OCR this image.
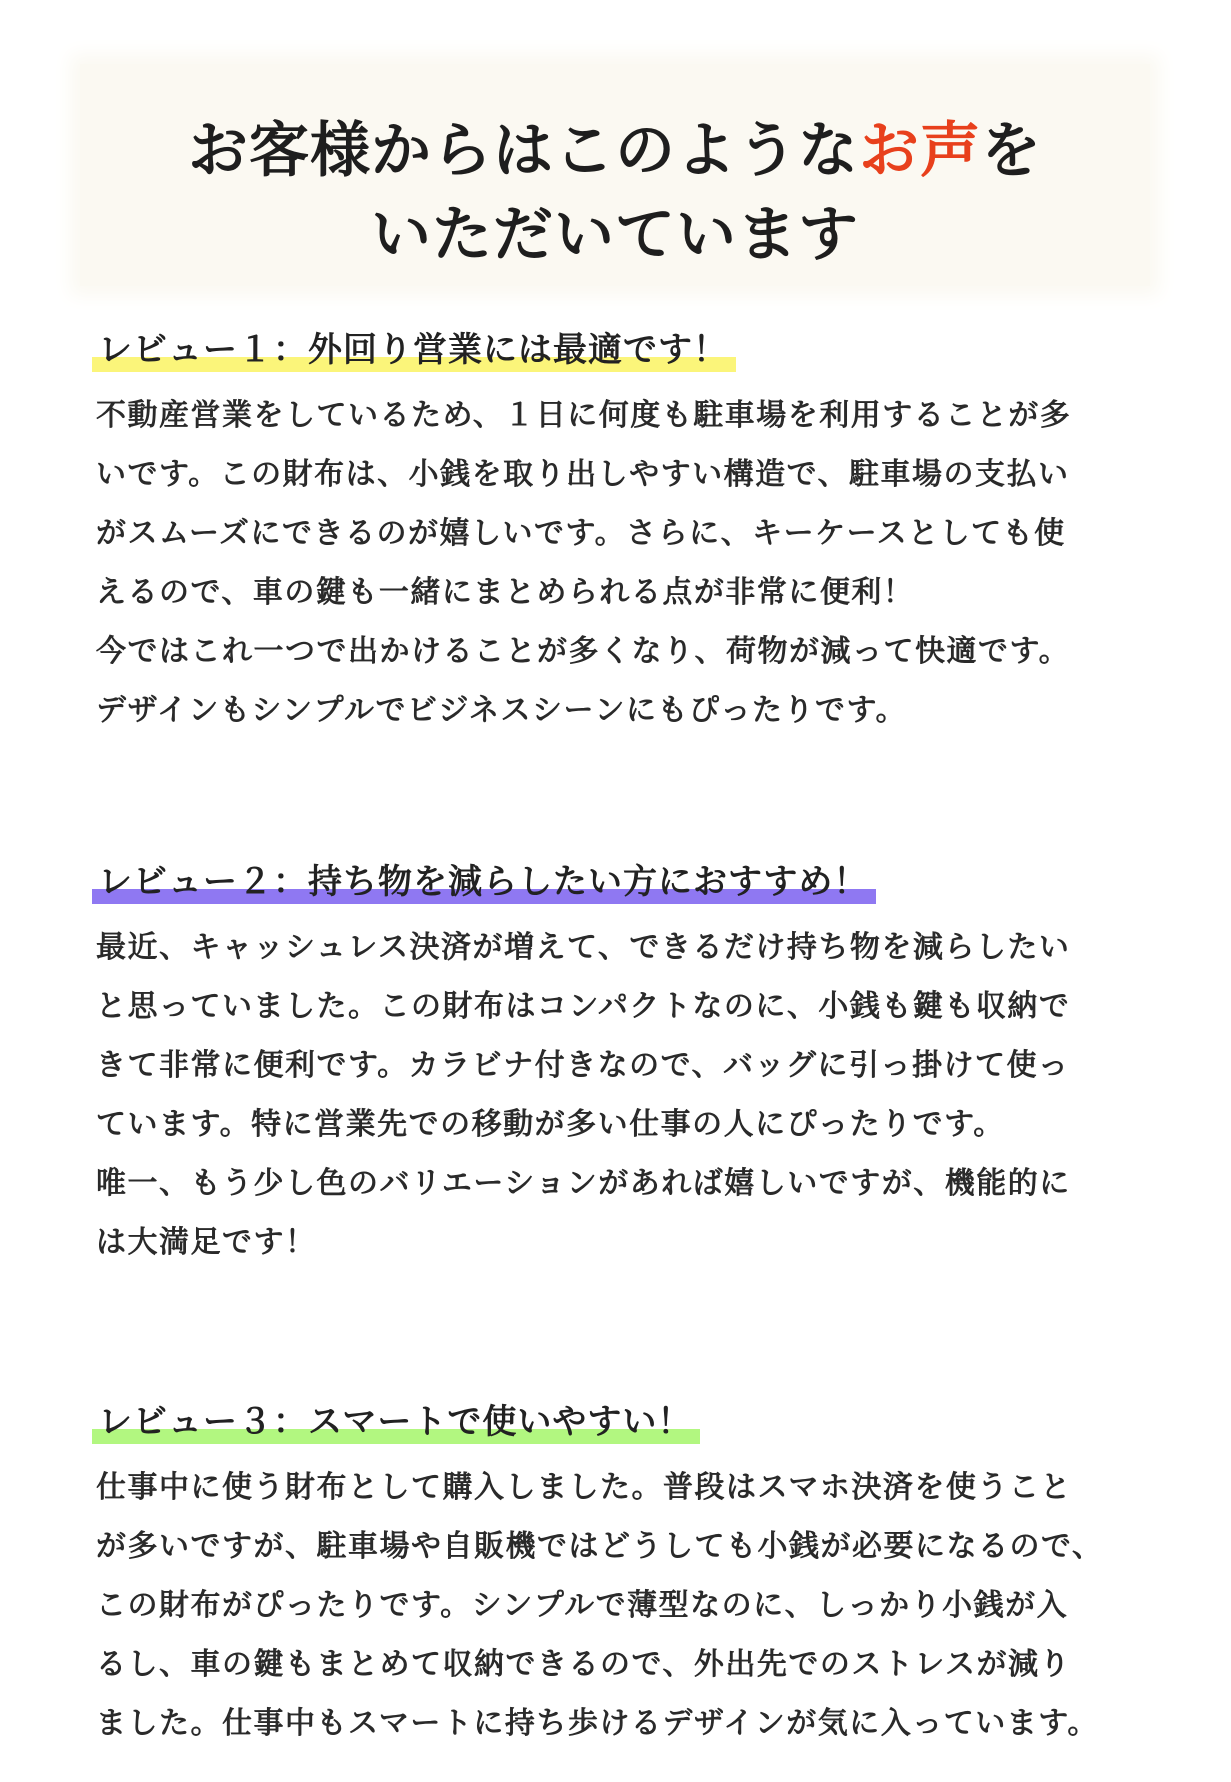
お客様からはこのようなお声を
いただいています
レビュー１：外回り営業には最適です！

不動産営業をしているため、１日に何度も駐車場を利用することが多
いです。この財布は、小銭を取り出しやすい構造で、駐車場の支払い
がスムーズにできるのが嬉しいです。さらに、キーケースとしても使
えるので、車の鍵も一緒にまとめられる点が非常に便利！
今ではこれ一つで出かけることが多くなり、荷物が減って快適です。
デザインもシンプルでビジネスシーンにもぴったりです。

レビュー２：持ち物を減らしたい方におすすめ！

最近、キャッシュレス決済が増えて、できるだけ持ち物を減らしたい
と思っていました。この財布はコンパクトなのに、小銭も鍵も収納で
きて非常に便利です。カラビナ付きなので、バッグに引っ掛けて使っ
ています。特に営業先での移動が多い仕事の人にぴったりです。
唯一、もう少し色のバリエーションがあれば嬉しいですが、機能的に
は大満足です！

レビュー３：スマートで使いやすい！

仕事中に使う財布として購入しました。普段はスマホ決済を使うこと
が多いですが、駐車場や自販機ではどうしても小銭が必要になるので、
この財布がぴったりです。シンプルで薄型なのに、しっかり小銭が入
るし、車の鍵もまとめて収納できるので、外出先でのストレスが減り
ました。仕事中もスマートに持ち歩けるデザインが気に入っています。
